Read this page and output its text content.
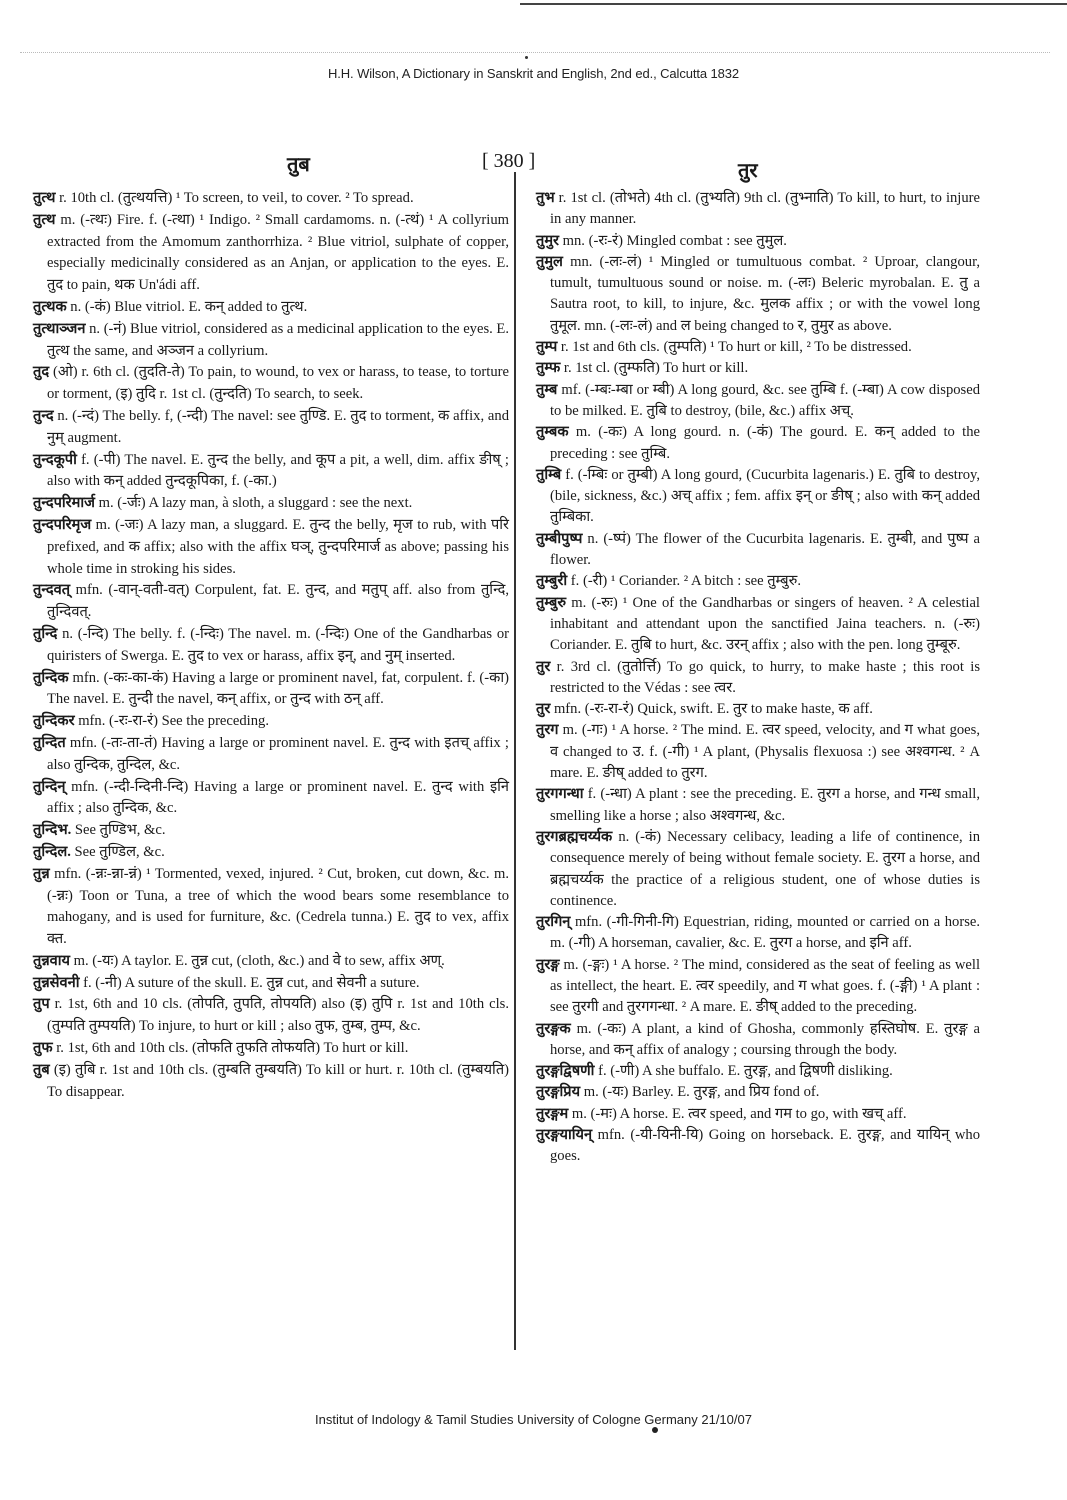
H.H. Wilson, A Dictionary in Sanskrit and English, 2nd ed., Calcutta 1832
तुब	[ 380 ]	तुर
तुत्थ r. 10th cl. (तुत्थयत्ति) ¹ To screen, to veil, to cover. ² To spread.
तुत्थ m. (-त्थः) Fire. f. (-त्था) ¹ Indigo. ² Small cardamoms. n. (-त्थं) ¹ A collyrium extracted from the Amomum zanthorrhiza. ² Blue vitriol, sulphate of copper, especially medicinally considered as an Anjan, or application to the eyes. E. तुद to pain, थक Un'ádi aff.
तुत्थक n. (-कं) Blue vitriol. E. कन् added to तुत्थ.
तुत्थाञ्जन n. (-नं) Blue vitriol, considered as a medicinal application to the eyes. E. तुत्थ the same, and अञ्जन a collyrium.
तुद (ओ) r. 6th cl. (तुदति-ते) To pain, to wound, to vex or harass, to tease, to torture or torment, (इ) तुदि r. 1st cl. (तुन्दति) To search, to seek.
तुन्द n. (-न्दं) The belly. f, (-न्दी) The navel: see तुण्डि. E. तुद to torment, क affix, and नुम् augment.
तुन्दकूपी f. (-पी) The navel. E. तुन्द the belly, and कूप a pit, a well, dim. affix ङीष् ; also with कन् added तुन्दकूपिका, f. (-का.)
तुन्दपरिमार्ज m. (-र्जः) A lazy man, à sloth, a sluggard : see the next.
तुन्दपरिमृज m. (-जः) A lazy man, a sluggard. E. तुन्द the belly, मृज to rub, with परि prefixed, and क affix; also with the affix घञ्, तुन्दपरिमार्ज as above; passing his whole time in stroking his sides.
तुन्दवत् mfn. (-वान्-वती-वत्) Corpulent, fat. E. तुन्द, and मतुप् aff. also from तुन्दि, तुन्दिवत्.
तुन्दि n. (-न्दि) The belly. f. (-न्दिः) The navel. m. (-न्दिः) One of the Gandharbas or quiristers of Swerga. E. तुद to vex or harass, affix इन्, and नुम् inserted.
तुन्दिक mfn. (-कः-का-कं) Having a large or prominent navel, fat, corpulent. f. (-का) The navel. E. तुन्दी the navel, कन् affix, or तुन्द with ठन् aff.
तुन्दिकर mfn. (-रः-रा-रं) See the preceding.
तुन्दित mfn. (-तः-ता-तं) Having a large or prominent navel. E. तुन्द with इतच् affix ; also तुन्दिक, तुन्दिल, &c.
तुन्दिन् mfn. (-न्दी-न्दिनी-न्दि) Having a large or prominent navel. E. तुन्द with इनि affix ; also तुन्दिक, &c.
तुन्दिभ. See तुण्डिभ, &c.
तुन्दिल. See तुण्डिल, &c.
तुन्न mfn. (-न्नः-न्ना-न्नं) ¹ Tormented, vexed, injured. ² Cut, broken, cut down, &c. m. (-न्नः) Toon or Tuna, a tree of which the wood bears some resemblance to mahogany, and is used for furniture, &c. (Cedrela tunna.) E. तुद to vex, affix क्त.
तुन्नवाय m. (-यः) A taylor. E. तुन्न cut, (cloth, &c.) and वे to sew, affix अण्.
तुन्नसेवनी f. (-नी) A suture of the skull. E. तुन्न cut, and सेवनी a suture.
तुप r. 1st, 6th and 10 cls. (तोपति, तुपति, तोपयति) also (इ) तुपि r. 1st and 10th cls. (तुम्पति तुम्पयति) To injure, to hurt or kill ; also तुफ, तुम्ब, तुम्प, &c.
तुफ r. 1st, 6th and 10th cls. (तोफति तुफति तोफयति) To hurt or kill.
तुब (इ) तुबि r. 1st and 10th cls. (तुम्बति तुम्बयति) To kill or hurt. r. 10th cl. (तुम्बयति) To disappear.
तुभ r. 1st cl. (तोभते) 4th cl. (तुभ्यति) 9th cl. (तुभ्नाति) To kill, to hurt, to injure in any manner.
तुमुर mn. (-रः-रं) Mingled combat : see तुमुल.
तुमुल mn. (-लः-लं) ¹ Mingled or tumultuous combat. ² Uproar, clangour, tumult, tumultuous sound or noise. m. (-लः) Beleric myrobalan. E. तु a Sautra root, to kill, to injure, &c. मुलक affix ; or with the vowel long तुमूल. mn. (-लः-लं) and ल being changed to र, तुमुर as above.
तुम्प r. 1st and 6th cls. (तुम्पति) ¹ To hurt or kill, ² To be distressed.
तुम्फ r. 1st cl. (तुम्फति) To hurt or kill.
तुम्ब mf. (-म्बः-म्बा or म्बी) A long gourd, &c. see तुम्बि f. (-म्बा) A cow disposed to be milked. E. तुबि to destroy, (bile, &c.) affix अच्.
तुम्बक m. (-कः) A long gourd. n. (-कं) The gourd. E. कन् added to the preceding : see तुम्बि.
तुम्बि f. (-म्बिः or तुम्बी) A long gourd, (Cucurbita lagenaris.) E. तुबि to destroy, (bile, sickness, &c.) अच् affix ; fem. affix इन् or ङीष् ; also with कन् added तुम्बिका.
तुम्बीपुष्प n. (-ष्पं) The flower of the Cucurbita lagenaris. E. तुम्बी, and पुष्प a flower.
तुम्बुरी f. (-री) ¹ Coriander. ² A bitch : see तुम्बुरु.
तुम्बुरु m. (-रुः) ¹ One of the Gandharbas or singers of heaven. ² A celestial inhabitant and attendant upon the sanctified Jaina teachers. n. (-रुः) Coriander. E. तुबि to hurt, &c. उरन् affix ; also with the pen. long तुम्बूरु.
तुर r. 3rd cl. (तुतोर्त्ति) To go quick, to hurry, to make haste ; this root is restricted to the Védas : see त्वर.
तुर mfn. (-रः-रा-रं) Quick, swift. E. तुर to make haste, क aff.
तुरग m. (-गः) ¹ A horse. ² The mind. E. त्वर speed, velocity, and ग what goes, व changed to उ. f. (-गी) ¹ A plant, (Physalis flexuosa :) see अश्वगन्ध. ² A mare. E. ङीष् added to तुरग.
तुरगगन्धा f. (-न्धा) A plant : see the preceding. E. तुरग a horse, and गन्ध small, smelling like a horse ; also अश्वगन्ध, &c.
तुरगब्रह्मचर्य्यक n. (-कं) Necessary celibacy, leading a life of continence, in consequence merely of being without female society. E. तुरग a horse, and ब्रह्मचर्य्यक the practice of a religious student, one of whose duties is continence.
तुरगिन् mfn. (-गी-गिनी-गि) Equestrian, riding, mounted or carried on a horse. m. (-गी) A horseman, cavalier, &c. E. तुरग a horse, and इनि aff.
तुरङ्ग m. (-ङ्गः) ¹ A horse. ² The mind, considered as the seat of feeling as well as intellect, the heart. E. त्वर speedily, and ग what goes. f. (-ङ्गी) ¹ A plant : see तुरगी and तुरगगन्धा. ² A mare. E. ङीष् added to the preceding.
तुरङ्गक m. (-कः) A plant, a kind of Ghosha, commonly हस्तिघोष. E. तुरङ्ग a horse, and कन् affix of analogy ; coursing through the body.
तुरङ्गद्विषणी f. (-णी) A she buffalo. E. तुरङ्ग, and द्विषणी disliking.
तुरङ्गप्रिय m. (-यः) Barley. E. तुरङ्ग, and प्रिय fond of.
तुरङ्गम m. (-मः) A horse. E. त्वर speed, and गम to go, with खच् aff.
तुरङ्गयायिन् mfn. (-यी-यिनी-यि) Going on horseback. E. तुरङ्ग, and यायिन् who goes.
Institut of Indology & Tamil Studies University of Cologne Germany 21/10/07
